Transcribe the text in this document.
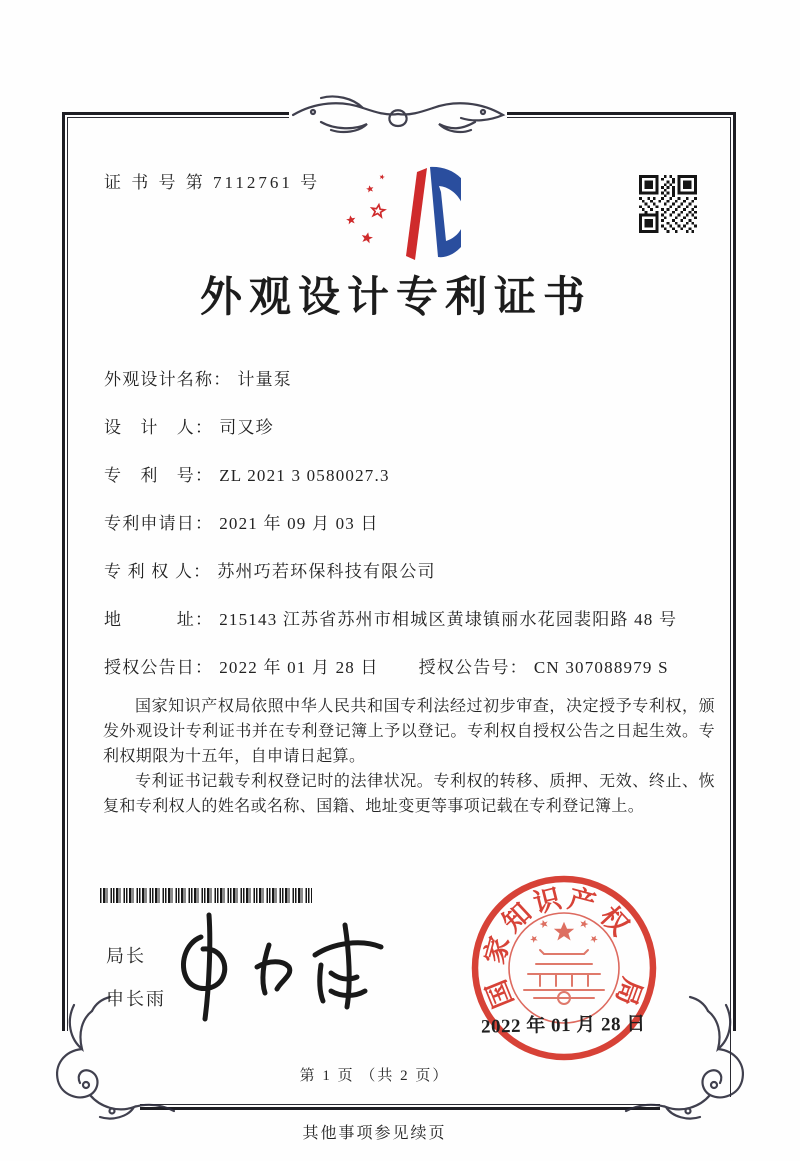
证 书 号 第 7112761 号
外观设计专利证书
外观设计名称： 计量泵
设　计　人： 司又珍
专　利　号： ZL 2021 3 0580027.3
专利申请日： 2021 年 09 月 03 日
专 利 权 人： 苏州巧若环保科技有限公司
地　　　址： 215143 江苏省苏州市相城区黄埭镇丽水花园裴阳路 48 号
授权公告日： 2022 年 01 月 28 日 授权公告号： CN 307088979 S

国家知识产权局依照中华人民共和国专利法经过初步审查，决定授予专利权，颁发外观设计专利证书并在专利登记簿上予以登记。专利权自授权公告之日起生效。专利权期限为十五年，自申请日起算。

专利证书记载专利权登记时的法律状况。专利权的转移、质押、无效、终止、恢复和专利权人的姓名或名称、国籍、地址变更等事项记载在专利登记簿上。

局长
申长雨	国
家
知
识 产
权
局
2022 年 01 月 28 日
第 1 页 （共 2 页）
其他事项参见续页
